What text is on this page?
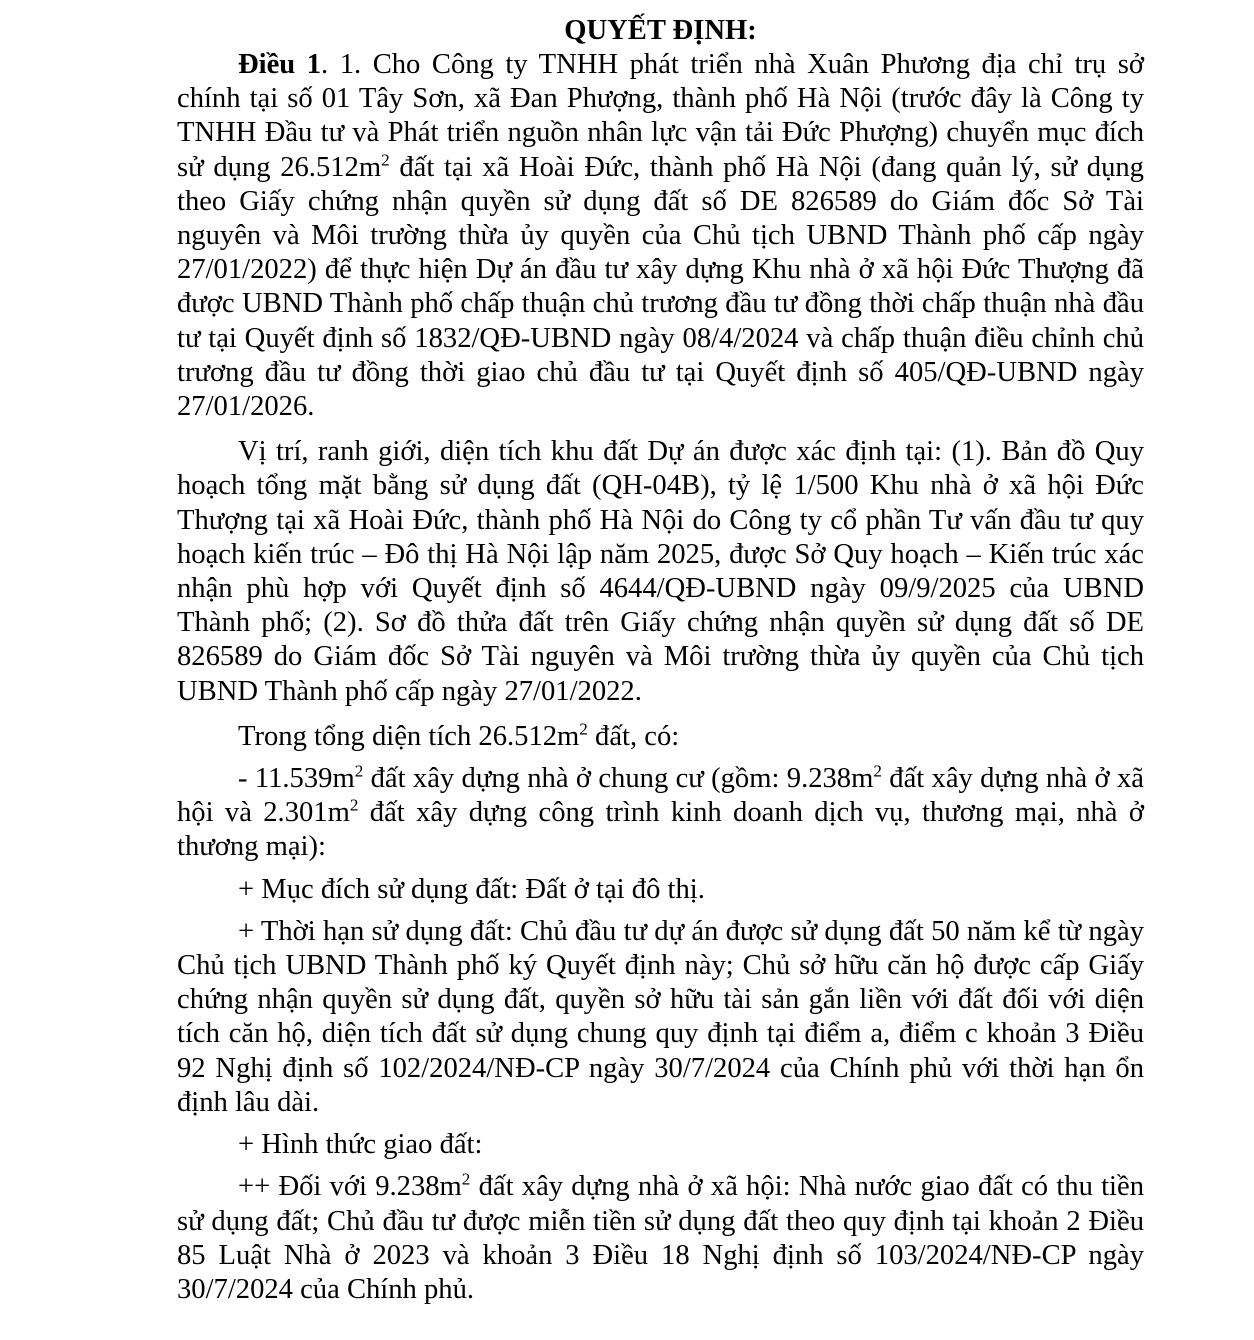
QUYẾT ĐỊNH:

Điều 1. 1. Cho Công ty TNHH phát triển nhà Xuân Phương địa chỉ trụ sở chính tại số 01 Tây Sơn, xã Đan Phượng, thành phố Hà Nội (trước đây là Công ty TNHH Đầu tư và Phát triển nguồn nhân lực vận tải Đức Phượng) chuyển mục đích sử dụng $26.512m^2$ đất tại xã Hoài Đức, thành phố Hà Nội (đang quản lý, sử dụng theo Giấy chứng nhận quyền sử dụng đất số DE 826589 do Giám đốc Sở Tài nguyên và Môi trường thừa ủy quyền của Chủ tịch UBND Thành phố cấp ngày 27/01/2022) để thực hiện Dự án đầu tư xây dựng Khu nhà ở xã hội Đức Thượng đã được UBND Thành phố chấp thuận chủ trương đầu tư đồng thời chấp thuận nhà đầu tư tại Quyết định số 1832/QĐ-UBND ngày 08/4/2024 và chấp thuận điều chỉnh chủ trương đầu tư đồng thời giao chủ đầu tư tại Quyết định số 405/QĐ-UBND ngày 27/01/2026.

Vị trí, ranh giới, diện tích khu đất Dự án được xác định tại: (1). Bản đồ Quy hoạch tổng mặt bằng sử dụng đất (QH-04B), tỷ lệ 1/500 Khu nhà ở xã hội Đức Thượng tại xã Hoài Đức, thành phố Hà Nội do Công ty cổ phần Tư vấn đầu tư quy hoạch kiến trúc – Đô thị Hà Nội lập năm 2025, được Sở Quy hoạch – Kiến trúc xác nhận phù hợp với Quyết định số 4644/QĐ-UBND ngày 09/9/2025 của UBND Thành phố; (2). Sơ đồ thửa đất trên Giấy chứng nhận quyền sử dụng đất số DE 826589 do Giám đốc Sở Tài nguyên và Môi trường thừa ủy quyền của Chủ tịch UBND Thành phố cấp ngày 27/01/2022.

Trong tổng diện tích $26.512m^2$ đất, có:

- $11.539m^2$ đất xây dựng nhà ở chung cư (gồm: $9.238m^2$ đất xây dựng nhà ở xã hội và $2.301m^2$ đất xây dựng công trình kinh doanh dịch vụ, thương mại, nhà ở thương mại):

+ Mục đích sử dụng đất: Đất ở tại đô thị.

+ Thời hạn sử dụng đất: Chủ đầu tư dự án được sử dụng đất 50 năm kể từ ngày Chủ tịch UBND Thành phố ký Quyết định này; Chủ sở hữu căn hộ được cấp Giấy chứng nhận quyền sử dụng đất, quyền sở hữu tài sản gắn liền với đất đối với diện tích căn hộ, diện tích đất sử dụng chung quy định tại điểm a, điểm c khoản 3 Điều 92 Nghị định số 102/2024/NĐ-CP ngày 30/7/2024 của Chính phủ với thời hạn ổn định lâu dài.

+ Hình thức giao đất:

++ Đối với $9.238m^2$ đất xây dựng nhà ở xã hội: Nhà nước giao đất có thu tiền sử dụng đất; Chủ đầu tư được miễn tiền sử dụng đất theo quy định tại khoản 2 Điều 85 Luật Nhà ở 2023 và khoản 3 Điều 18 Nghị định số 103/2024/NĐ-CP ngày 30/7/2024 của Chính phủ.
